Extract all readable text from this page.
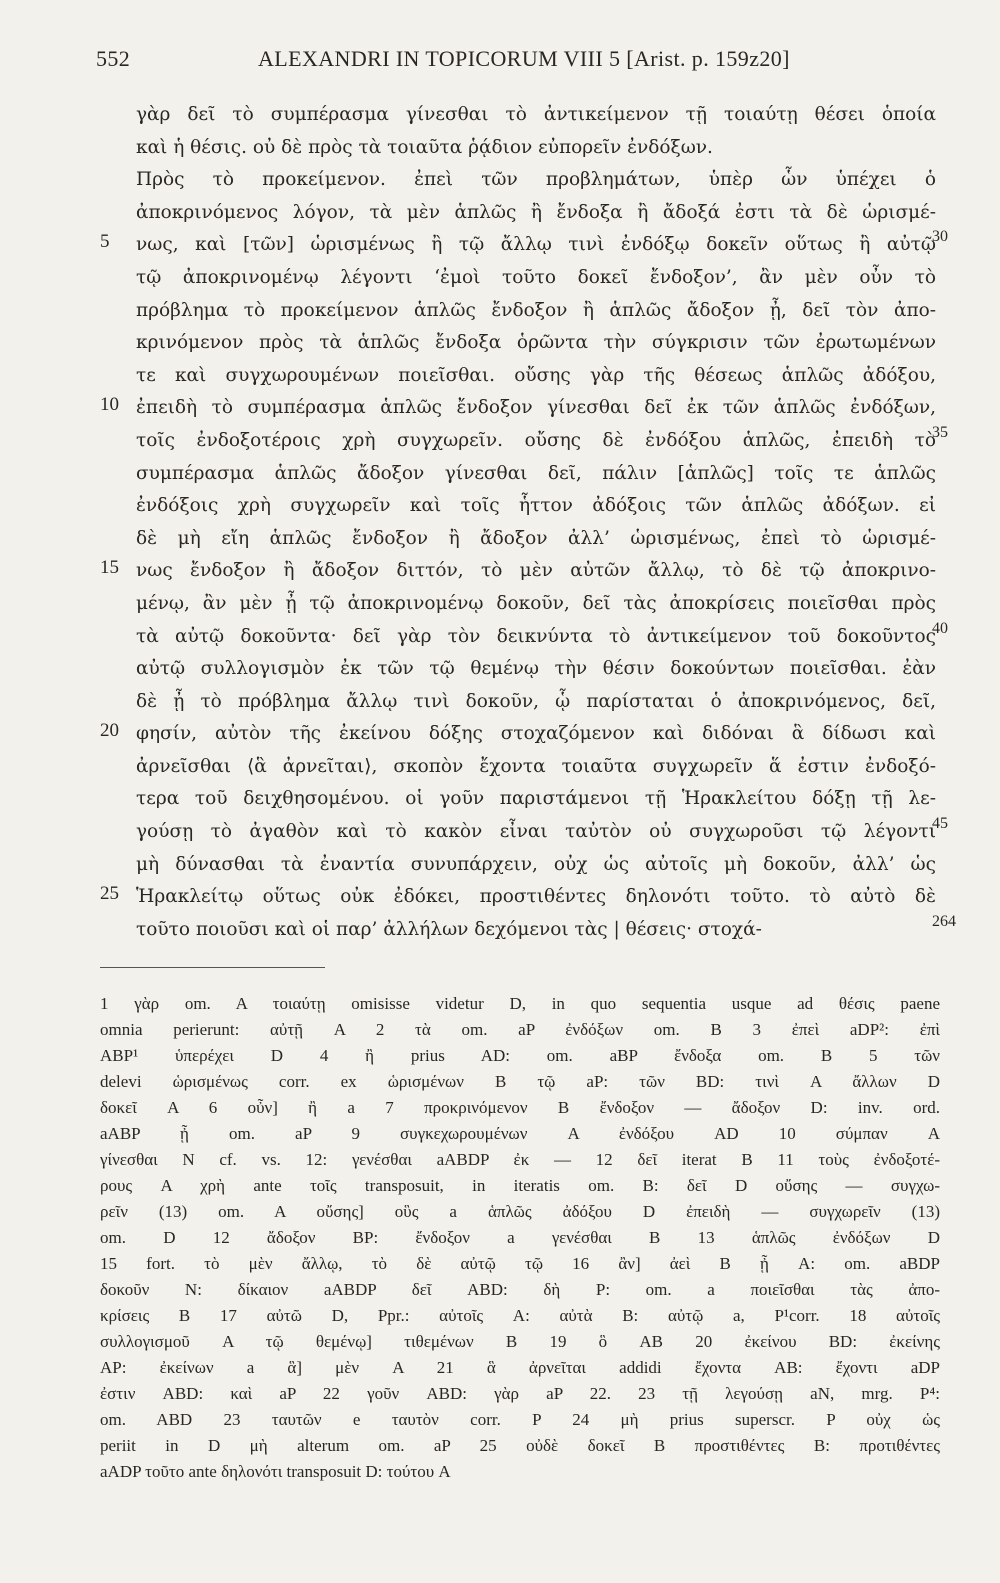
552	ALEXANDRI IN TOPICORUM VIII 5 [Arist. p. 159ᴢ20]
γὰρ δεῖ τὸ συμπέρασμα γίνεσθαι τὸ ἀντικείμενον τῇ τοιαύτῃ θέσει ὁποία
καὶ ἡ θέσις. οὐ δὲ πρὸς τὰ τοιαῦτα ῥᾴδιον εὐπορεῖν ἐνδόξων.
Πρὸς τὸ προκείμενον. ἐπεὶ τῶν προβλημάτων, ὑπὲρ ὧν ὑπέχει ὁ
ἀποκρινόμενος λόγον, τὰ μὲν ἁπλῶς ἢ ἔνδοξα ἢ ἄδοξά ἐστι τὰ δὲ ὡρισμέ-
5 νως, καὶ [τῶν] ὡρισμένως ἢ τῷ ἄλλῳ τινὶ ἐνδόξῳ δοκεῖν οὕτως ἢ αὐτῷ
30
τῷ ἀποκρινομένῳ λέγοντι ‘ἐμοὶ τοῦτο δοκεῖ ἔνδοξον’, ἂν μὲν οὖν τὸ
πρόβλημα τὸ προκείμενον ἁπλῶς ἔνδοξον ἢ ἁπλῶς ἄδοξον ᾖ, δεῖ τὸν ἀπο-
κρινόμενον πρὸς τὰ ἁπλῶς ἔνδοξα ὁρῶντα τὴν σύγκρισιν τῶν ἐρωτωμένων
τε καὶ συγχωρουμένων ποιεῖσθαι. οὔσης γὰρ τῆς θέσεως ἁπλῶς ἀδόξου,
10 ἐπειδὴ τὸ συμπέρασμα ἁπλῶς ἔνδοξον γίνεσθαι δεῖ ἐκ τῶν ἁπλῶς ἐνδόξων,
τοῖς ἐνδοξοτέροις χρὴ συγχωρεῖν. οὔσης δὲ ἐνδόξου ἁπλῶς, ἐπειδὴ τὸ
35
συμπέρασμα ἁπλῶς ἄδοξον γίνεσθαι δεῖ, πάλιν [ἁπλῶς] τοῖς τε ἁπλῶς
ἐνδόξοις χρὴ συγχωρεῖν καὶ τοῖς ἧττον ἀδόξοις τῶν ἁπλῶς ἀδόξων. εἰ
δὲ μὴ εἴη ἁπλῶς ἔνδοξον ἢ ἄδοξον ἀλλ’ ὡρισμένως, ἐπεὶ τὸ ὡρισμέ-
15 νως ἔνδοξον ἢ ἄδοξον διττόν, τὸ μὲν αὐτῶν ἄλλῳ, τὸ δὲ τῷ ἀποκρινο-
μένῳ, ἂν μὲν ᾖ τῷ ἀποκρινομένῳ δοκοῦν, δεῖ τὰς ἀποκρίσεις ποιεῖσθαι πρὸς
τὰ αὐτῷ δοκοῦντα· δεῖ γὰρ τὸν δεικνύντα τὸ ἀντικείμενον τοῦ δοκοῦντος
40
αὐτῷ συλλογισμὸν ἐκ τῶν τῷ θεμένῳ τὴν θέσιν δοκούντων ποιεῖσθαι. ἐὰν
δὲ ᾖ τὸ πρόβλημα ἄλλῳ τινὶ δοκοῦν, ᾧ παρίσταται ὁ ἀποκρινόμενος, δεῖ,
20 φησίν, αὐτὸν τῆς ἐκείνου δόξης στοχαζόμενον καὶ διδόναι ἃ δίδωσι καὶ
ἀρνεῖσθαι ⟨ἃ ἀρνεῖται⟩, σκοπὸν ἔχοντα τοιαῦτα συγχωρεῖν ἅ ἐστιν ἐνδοξό-
τερα τοῦ δειχθησομένου. οἱ γοῦν παριστάμενοι τῇ Ἡρακλείτου δόξῃ τῇ λε-
γούσῃ τὸ ἀγαθὸν καὶ τὸ κακὸν εἶναι ταὐτὸν οὐ συγχωροῦσι τῷ λέγοντι
45
μὴ δύνασθαι τὰ ἐναντία συνυπάρχειν, οὐχ ὡς αὐτοῖς μὴ δοκοῦν, ἀλλ’ ὡς
25 Ἡρακλείτῳ οὕτως οὐκ ἐδόκει, προστιθέντες δηλονότι τοῦτο. τὸ αὐτὸ δὲ
τοῦτο ποιοῦσι καὶ οἱ παρ’ ἀλλήλων δεχόμενοι τὰς | θέσεις· στοχά-	264
1 γὰρ om. A τοιαύτῃ omisisse videtur D, in quo sequentia usque ad θέσις paene
omnia perierunt: αὐτῇ A 2 τὰ om. aP ἐνδόξων om. B 3 ἐπεὶ aDP²: ἐπὶ
ABP¹ ὑπερέχει D 4 ἢ prius AD: om. aBP ἔνδοξα om. B 5 τῶν
delevi ὡρισμένως corr. ex ὡρισμένων B τῷ aP: τῶν BD: τινὶ A ἄλλων D
δοκεῖ A 6 οὖν] ἢ a 7 προκρινόμενον B ἔνδοξον — ἄδοξον D: inv. ord.
aABP ᾖ om. aP 9 συγκεχωρουμένων A ἐνδόξου AD 10 σύμπαν A
γίνεσθαι N cf. vs. 12: γενέσθαι aABDP ἐκ — 12 δεῖ iterat B 11 τοὺς ἐνδοξοτέ-
ρους A χρὴ ante τοῖς transposuit, in iteratis om. B: δεῖ D οὔσης — συγχω-
ρεῖν (13) om. A οὔσης] οὓς a ἁπλῶς ἀδόξου D ἐπειδὴ — συγχωρεῖν (13)
om. D 12 ἄδοξον BP: ἔνδοξον a γενέσθαι B 13 ἁπλῶς ἐνδόξων D
15 fort. τὸ μὲν ἄλλῳ, τὸ δὲ αὐτῷ τῷ 16 ἂν] ἀεὶ B ᾖ A: om. aBDP
δοκοῦν N: δίκαιον aABDP δεῖ ABD: δὴ P: om. a ποιεῖσθαι τὰς ἀπο-
κρίσεις B 17 αὐτῶ D, Ppr.: αὐτοῖς A: αὐτὰ B: αὐτῷ a, P¹corr. 18 αὐτοῖς
συλλογισμοῦ A τῷ θεμένῳ] τιθεμένων B 19 ὃ AB 20 ἐκείνου BD: ἐκείνης
AP: ἐκείνων a ἃ] μὲν A 21 ἃ ἀρνεῖται addidi ἔχοντα AB: ἔχοντι aDP
ἐστιν ABD: καὶ aP 22 γοῦν ABD: γὰρ aP 22. 23 τῇ λεγούσῃ aN, mrg. P⁴:
om. ABD 23 ταυτῶν e ταυτὸν corr. P 24 μὴ prius superscr. P οὐχ ὡς
periit in D μὴ alterum om. aP 25 οὐδὲ δοκεῖ B προστιθέντες B: προτιθέντες
aADP τοῦτο ante δηλονότι transposuit D: τούτου A
